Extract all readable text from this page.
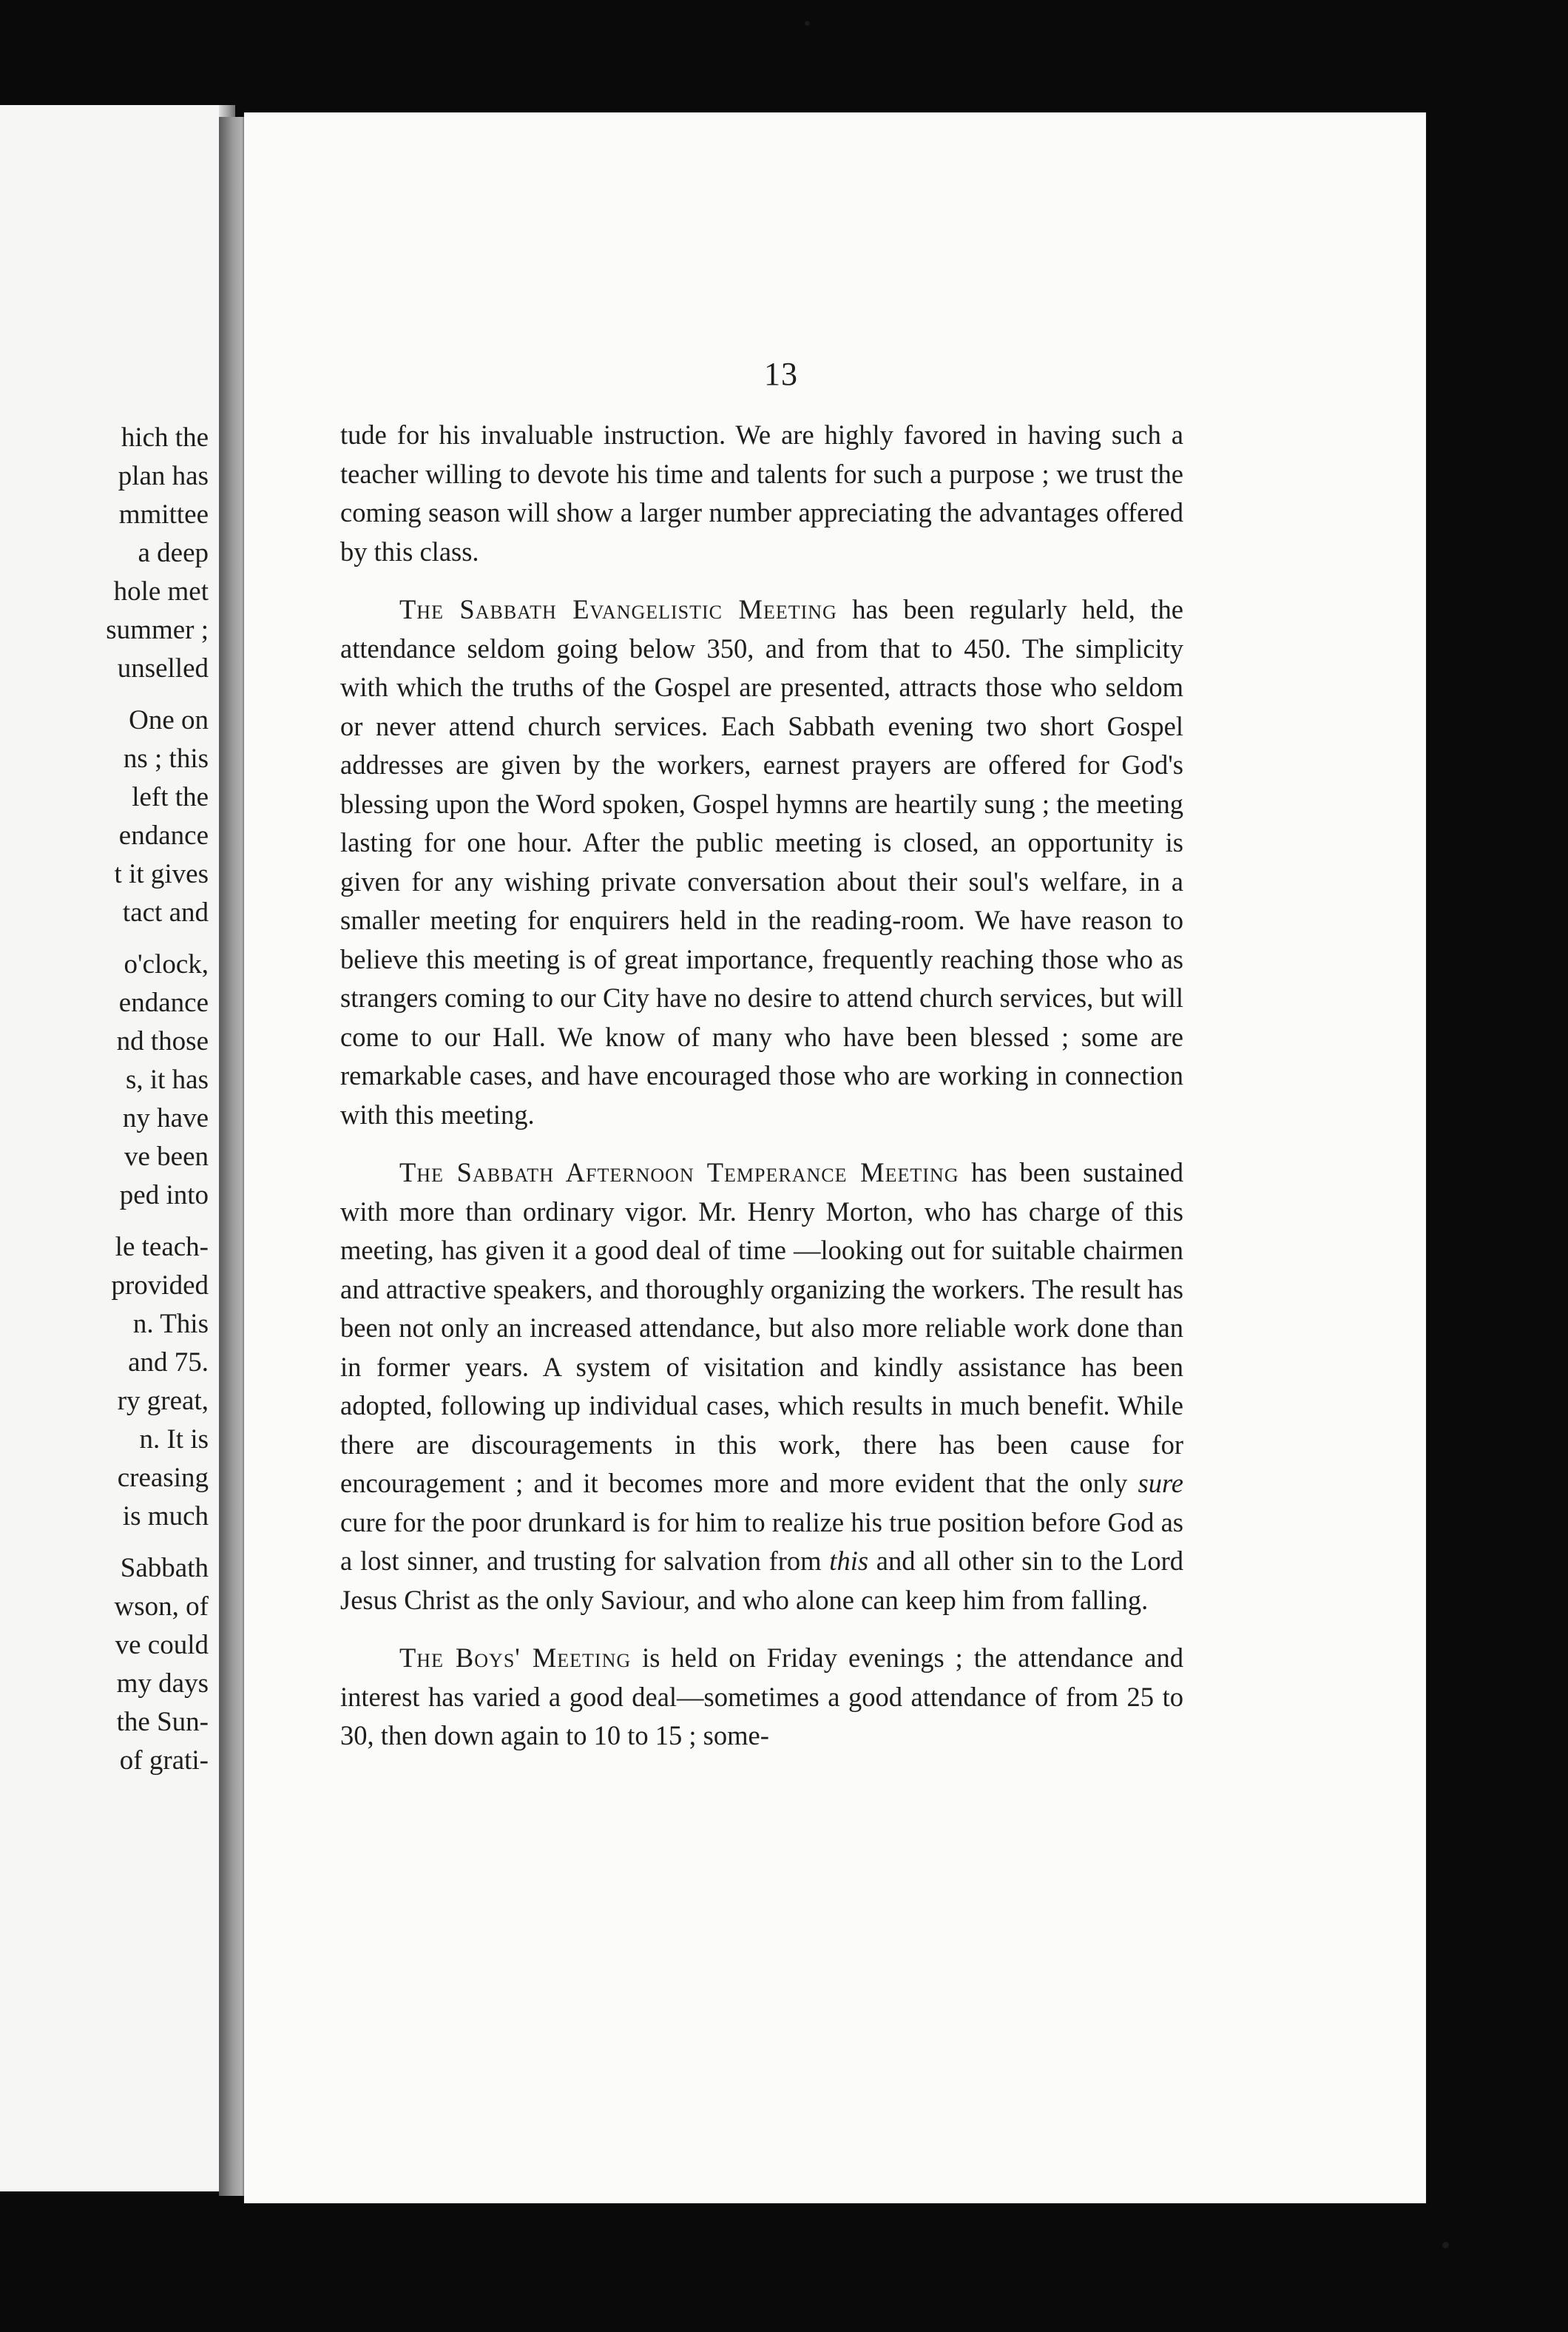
hich the
plan has
mmittee
a deep
hole met
summer ;
unselled
One on
ns ; this
left the
endance
t it gives
tact and
o'clock,
endance
nd those
s, it has
ny have
ve been
ped into
le teach-
provided
n. This
and 75.
ry great,
n. It is
creasing
is much
Sabbath
wson, of
ve could
my days
the Sun-
of grati-
13

tude for his invaluable instruction. We are highly favored in having such a teacher willing to devote his time and talents for such a purpose ; we trust the coming season will show a larger number appreciating the advantages offered by this class.

The Sabbath Evangelistic Meeting has been regularly held, the attendance seldom going below 350, and from that to 450. The simplicity with which the truths of the Gospel are presented, attracts those who seldom or never attend church services. Each Sabbath evening two short Gospel addresses are given by the workers, earnest prayers are offered for God's blessing upon the Word spoken, Gospel hymns are heartily sung ; the meeting lasting for one hour. After the public meeting is closed, an opportunity is given for any wishing private conversation about their soul's welfare, in a smaller meeting for enquirers held in the reading-room. We have reason to believe this meeting is of great importance, frequently reaching those who as strangers coming to our City have no desire to attend church services, but will come to our Hall. We know of many who have been blessed ; some are remarkable cases, and have encouraged those who are working in connection with this meeting.

The Sabbath Afternoon Temperance Meeting has been sustained with more than ordinary vigor. Mr. Henry Morton, who has charge of this meeting, has given it a good deal of time —looking out for suitable chairmen and attractive speakers, and thoroughly organizing the workers. The result has been not only an increased attendance, but also more reliable work done than in former years. A system of visitation and kindly assistance has been adopted, following up individual cases, which results in much benefit. While there are discouragements in this work, there has been cause for encouragement ; and it becomes more and more evident that the only sure cure for the poor drunkard is for him to realize his true position before God as a lost sinner, and trusting for salvation from this and all other sin to the Lord Jesus Christ as the only Saviour, and who alone can keep him from falling.

The Boys' Meeting is held on Friday evenings ; the attendance and interest has varied a good deal—sometimes a good attendance of from 25 to 30, then down again to 10 to 15 ; some-
